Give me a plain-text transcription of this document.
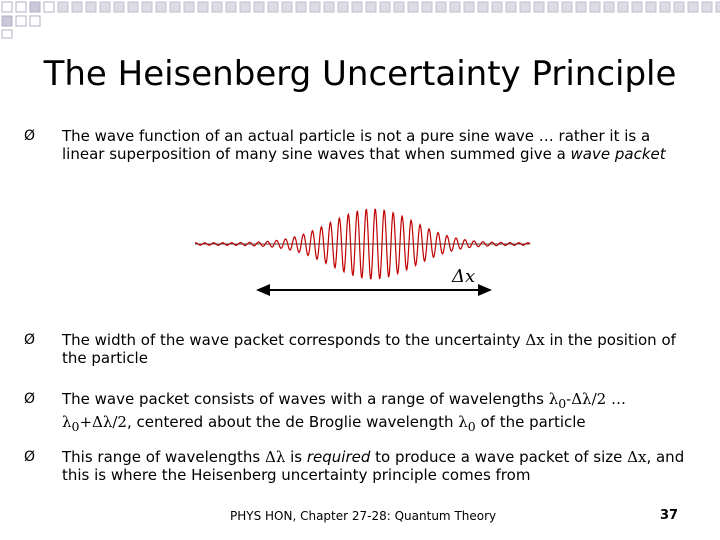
The Heisenberg Uncertainty Principle
Ø	The wave function of an actual particle is not a pure sine wave … rather it is a linear superposition of many sine waves that when summed give a wave packet
Δx
Ø	The width of the wave packet corresponds to the uncertainty Δx in the position of the particle
Ø	The wave packet consists of waves with a range of wavelengths $\lambda_0-\Delta\lambda/2$ … $\lambda_0+\Delta\lambda/2$, centered about the de Broglie wavelength $\lambda_0$ of the particle
Ø	This range of wavelengths Δλ is required to produce a wave packet of size Δx, and this is where the Heisenberg uncertainty principle comes from
PHYS HON, Chapter 27-28: Quantum Theory	37
